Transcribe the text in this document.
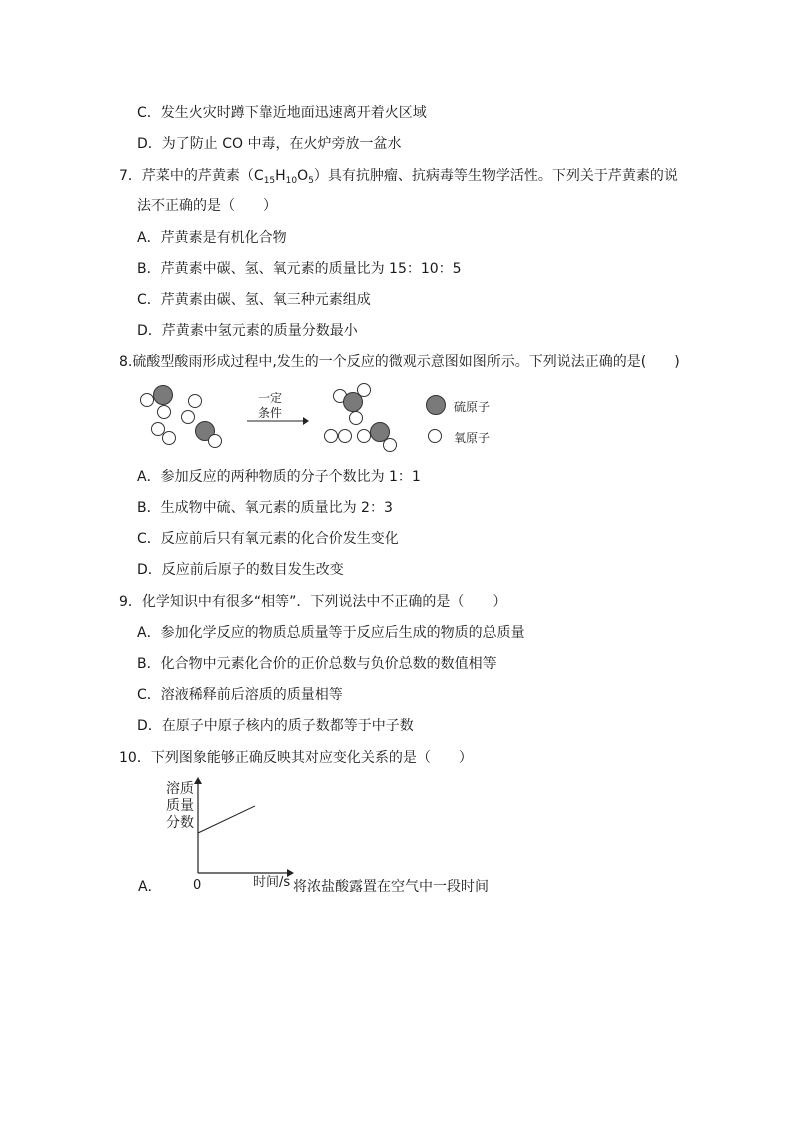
C．发生火灾时蹲下靠近地面迅速离开着火区域
D．为了防止 CO 中毒，在火炉旁放一盆水
7．芹菜中的芹黄素$(C_{15}H_{10}O_5)$具有抗肿瘤、抗病毒等生物学活性。下列关于芹黄素的说
法不正确的是（　　）
A．芹黄素是有机化合物
B．芹黄素中碳、氢、氧元素的质量比为 15：10：5
C．芹黄素由碳、氢、氧三种元素组成
D．芹黄素中氢元素的质量分数最小
8.硫酸型酸雨形成过程中,发生的一个反应的微观示意图如图所示。下列说法正确的是(　　)
一定
条件	硫原子
氧原子
A．参加反应的两种物质的分子个数比为 1：1
B．生成物中硫、氧元素的质量比为 2：3
C．反应前后只有氧元素的化合价发生变化
D．反应前后原子的数目发生改变
9．化学知识中有很多“相等”．下列说法中不正确的是（　　）
A．参加化学反应的物质总质量等于反应后生成的物质的总质量
B．化合物中元素化合价的正价总数与负价总数的数值相等
C．溶液稀释前后溶质的质量相等
D．在原子中原子核内的质子数都等于中子数
10．下列图象能够正确反映其对应变化关系的是（　　）
溶质
质量
分数
0	时间/s
A．	将浓盐酸露置在空气中一段时间
